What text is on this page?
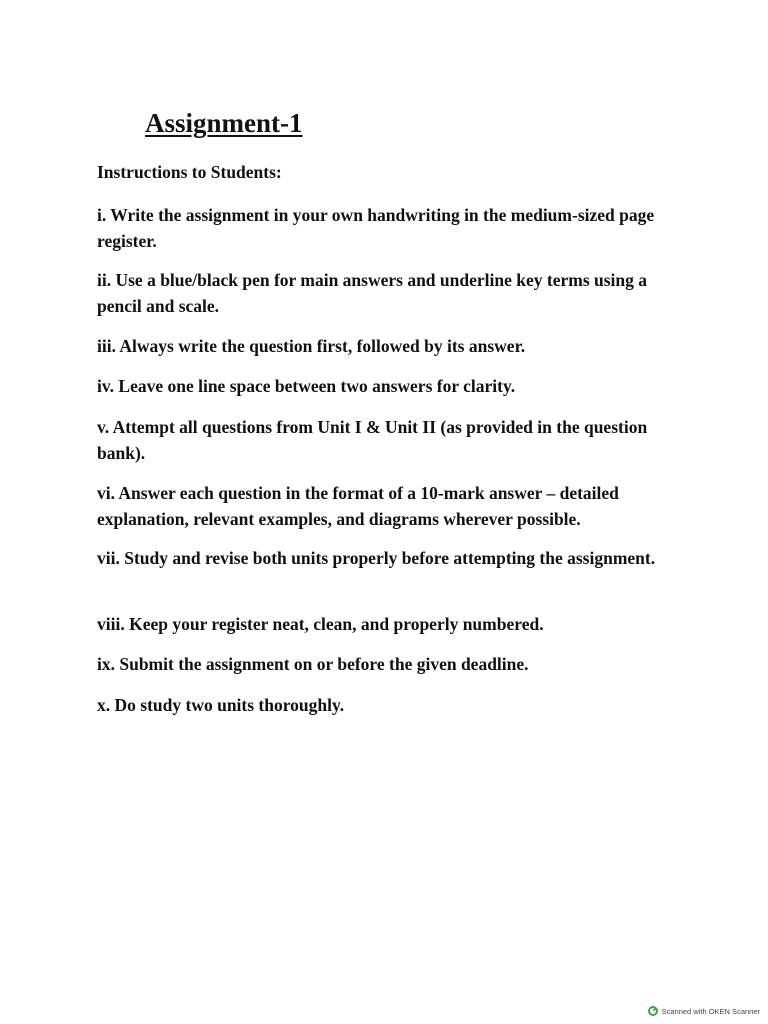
Assignment-1

Instructions to Students:

i. Write the assignment in your own handwriting in the medium-sized page register.

ii. Use a blue/black pen for main answers and underline key terms using a pencil and scale.

iii. Always write the question first, followed by its answer.

iv. Leave one line space between two answers for clarity.

v. Attempt all questions from Unit I & Unit II (as provided in the question bank).

vi. Answer each question in the format of a 10-mark answer – detailed explanation, relevant examples, and diagrams wherever possible.

vii. Study and revise both units properly before attempting the assignment.

viii. Keep your register neat, clean, and properly numbered.

ix. Submit the assignment on or before the given deadline.

x. Do study two units thoroughly.

Scanned with OKEN Scanner
